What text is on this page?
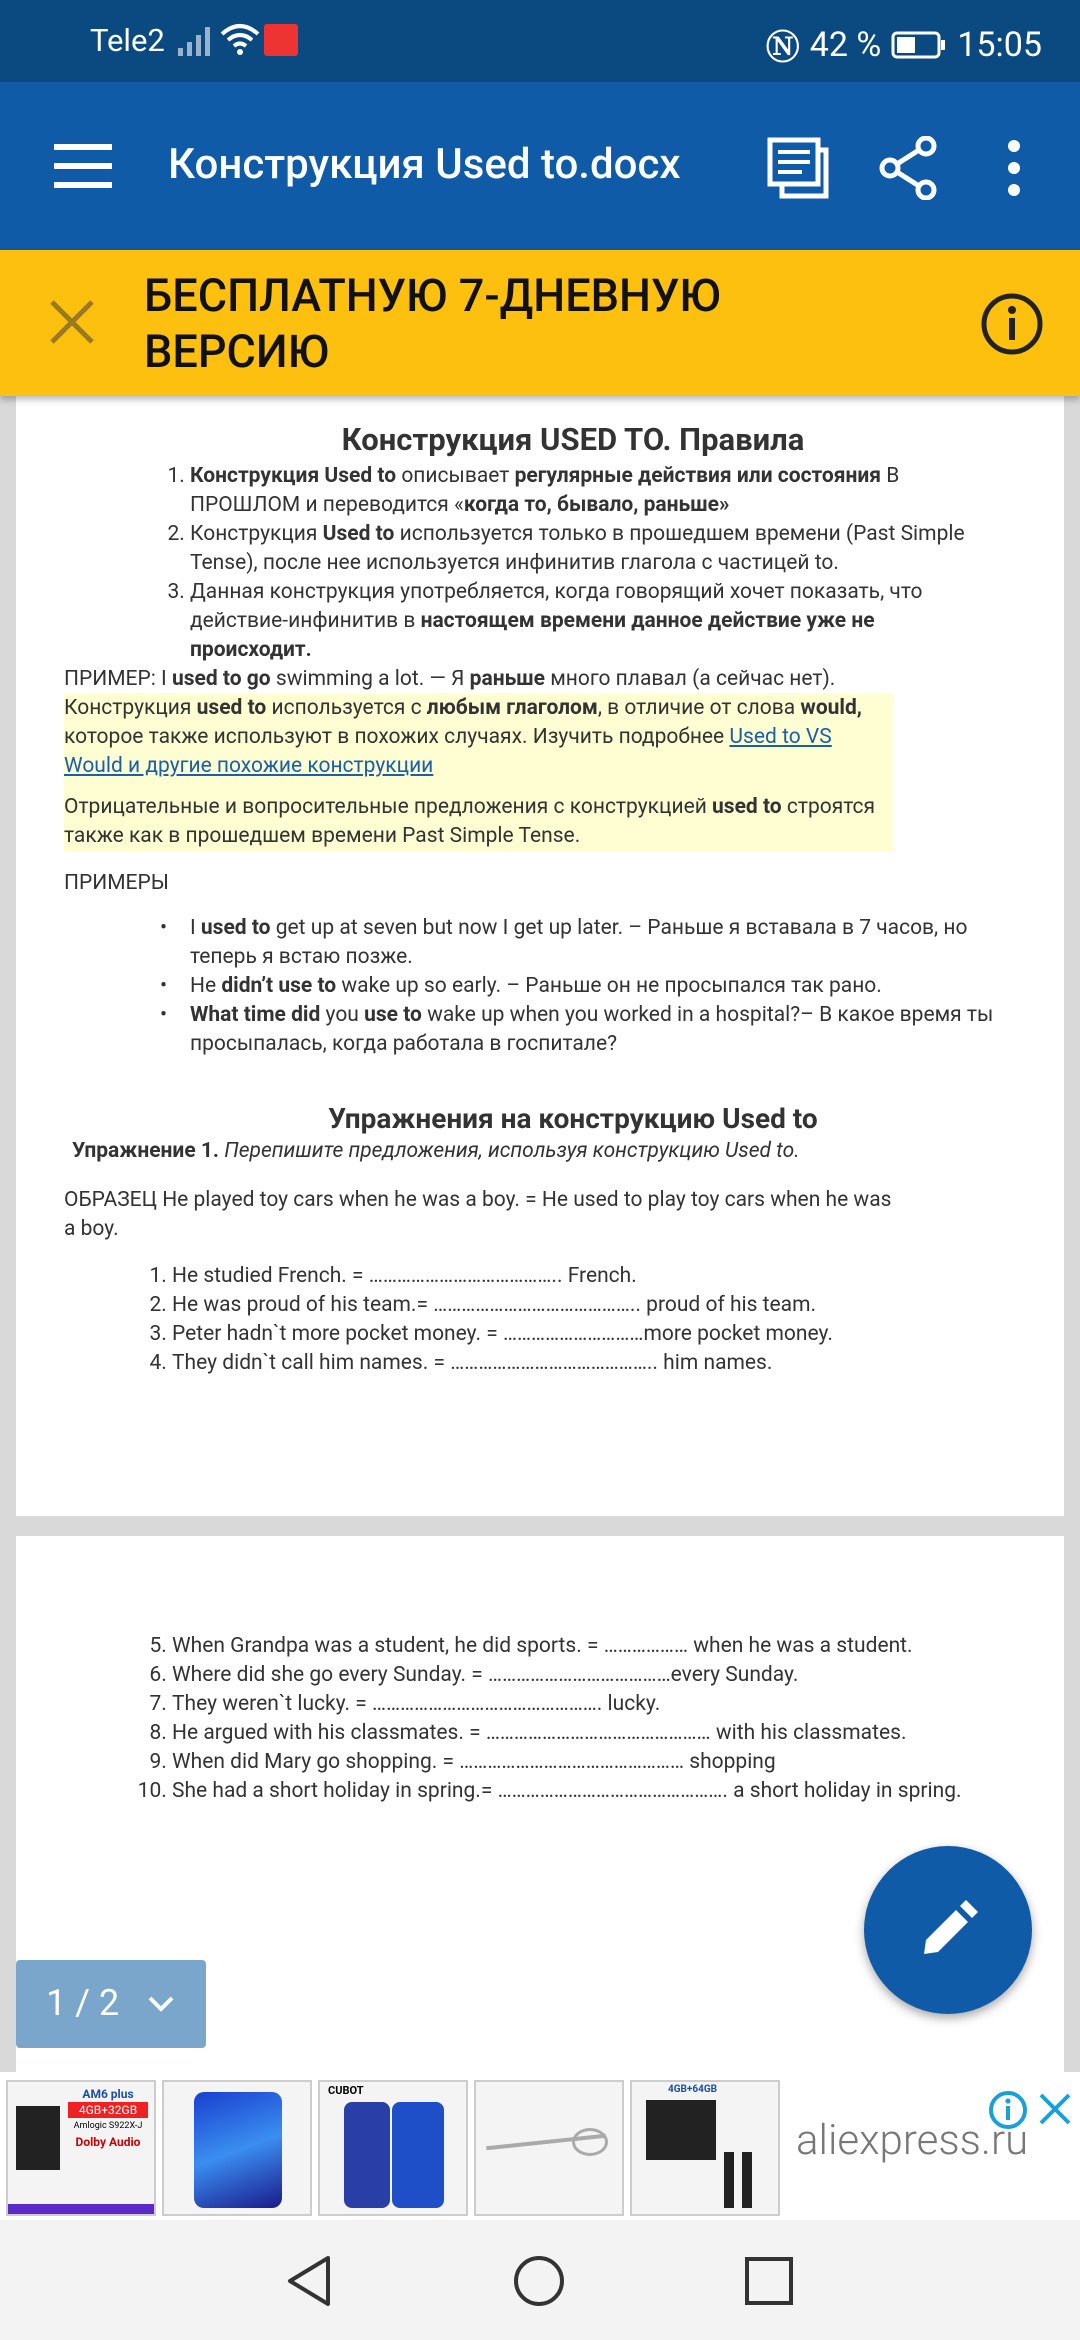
Tele2	Ⓝ 42 % 15:05
Конструкция Used to.docx
БЕСПЛАТНУЮ 7-ДНЕВНУЮ
ВЕРСИЮ
Конструкция USED TO. Правила
1. Конструкция Used to описывает регулярные действия или состояния В ПРОШЛОМ и переводится «когда то, бывало, раньше»
2. Конструкция Used to используется только в прошедшем времени (Past Simple Tense), после нее используется инфинитив глагола с частицей to.
3. Данная конструкция употребляется, когда говорящий хочет показать, что действие-инфинитив в настоящем времени данное действие уже не происходит.
ПРИМЕР: I used to go swimming a lot. — Я раньше много плавал (а сейчас нет).
Конструкция used to используется с любым глаголом, в отличие от слова would, которое также используют в похожих случаях. Изучить подробнее Used to VS Would и другие похожие конструкции
Отрицательные и вопросительные предложения с конструкцией used to строятся также как в прошедшем времени Past Simple Tense.
ПРИМЕРЫ
• I used to get up at seven but now I get up later. – Раньше я вставала в 7 часов, но теперь я встаю позже.
• He didn’t use to wake up so early. – Раньше он не просыпался так рано.
• What time did you use to wake up when you worked in a hospital?– В какое время ты просыпалась, когда работала в госпитале?
Упражнения на конструкцию Used to
Упражнение 1. Перепишите предложения, используя конструкцию Used to.
ОБРАЗЕЦ He played toy cars when he was a boy. = He used to play toy cars when he was a boy.
1. He studied French. = ………………………………….. French.
2. He was proud of his team.= …………………………………….. proud of his team.
3. Peter hadn`t more pocket money. = …………………………more pocket money.
4. They didn`t call him names. = …………………………………….. him names.
5. When Grandpa was a student, he did sports. = ……………… when he was a student.
6. Where did she go every Sunday. = …………………………………every Sunday.
7. They weren`t lucky. = …………………………………………. lucky.
8. He argued with his classmates. = ………………………………………… with his classmates.
9. When did Mary go shopping. = ………………………………………… shopping
10. She had a short holiday in spring.= …………………………………………. a short holiday in spring.
1 / 2
AM6 plus
4GB+32GB
Amlogic S922X-J
Dolby Audio
CUBOT	4GB+64GB
aliexpress.ru
